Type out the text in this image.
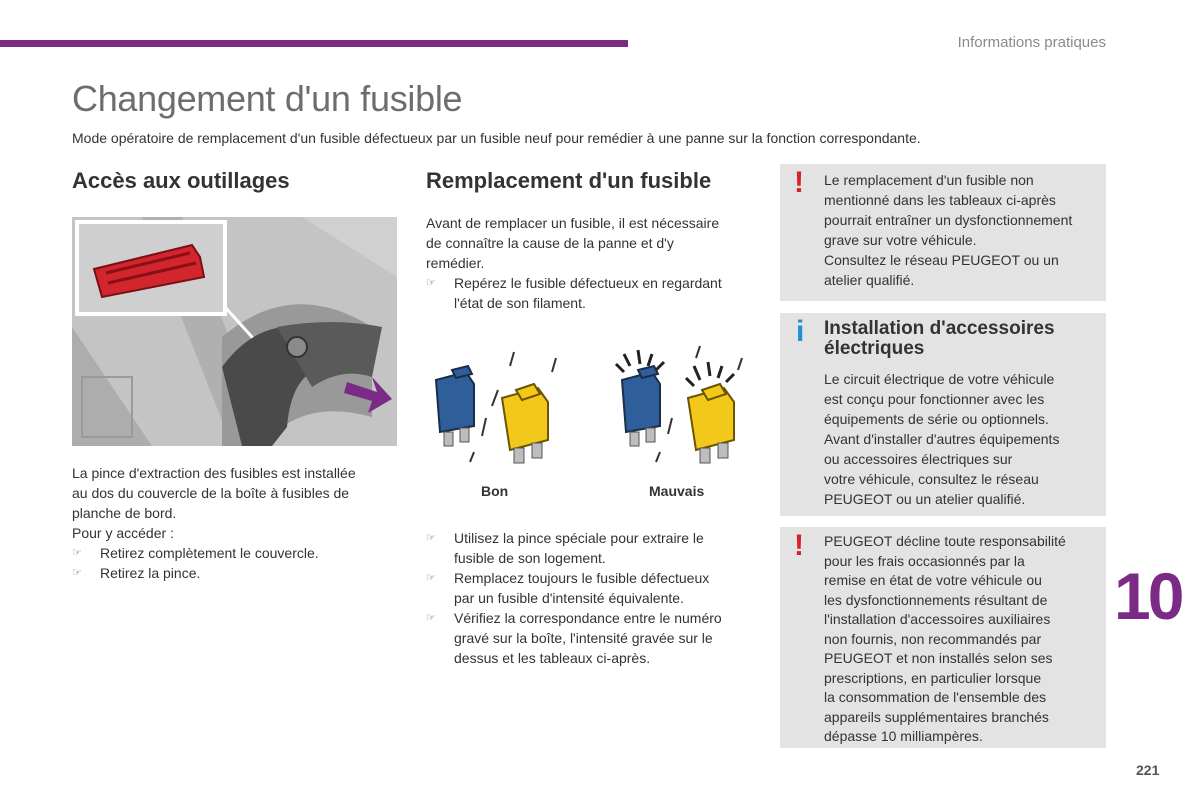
Informations pratiques
Changement d'un fusible
Mode opératoire de remplacement d'un fusible défectueux par un fusible neuf pour remédier à une panne sur la fonction correspondante.
Accès aux outillages

La pince d'extraction des fusibles est installée

au dos du couvercle de la boîte à fusibles de

planche de bord.

Pour y accéder :

☞ Retirez complètement le couvercle.
☞ Retirez la pince.
Remplacement d'un fusible

Avant de remplacer un fusible, il est nécessaire

de connaître la cause de la panne et d'y

remédier.

☞ Repérez le fusible défectueux en regardant

l'état de son filament.

Bon	Mauvais
☞ Utilisez la pince spéciale pour extraire le

fusible de son logement.

☞ Remplacez toujours le fusible défectueux

par un fusible d'intensité équivalente.

☞ Vérifiez la correspondance entre le numéro

gravé sur la boîte, l'intensité gravée sur le

dessus et les tableaux ci-après.

! Le remplacement d'un fusible non

mentionné dans les tableaux ci-après

pourrait entraîner un dysfonctionnement

grave sur votre véhicule.

Consultez le réseau PEUGEOT ou un

atelier qualifié.

i Installation d'accessoires
électriques

Le circuit électrique de votre véhicule

est conçu pour fonctionner avec les

équipements de série ou optionnels.

Avant d'installer d'autres équipements

ou accessoires électriques sur

votre véhicule, consultez le réseau

PEUGEOT ou un atelier qualifié.

! PEUGEOT décline toute responsabilité

pour les frais occasionnés par la

remise en état de votre véhicule ou

les dysfonctionnements résultant de

l'installation d'accessoires auxiliaires

non fournis, non recommandés par

PEUGEOT et non installés selon ses

prescriptions, en particulier lorsque

la consommation de l'ensemble des

appareils supplémentaires branchés

dépasse 10 milliampères.

10
221
